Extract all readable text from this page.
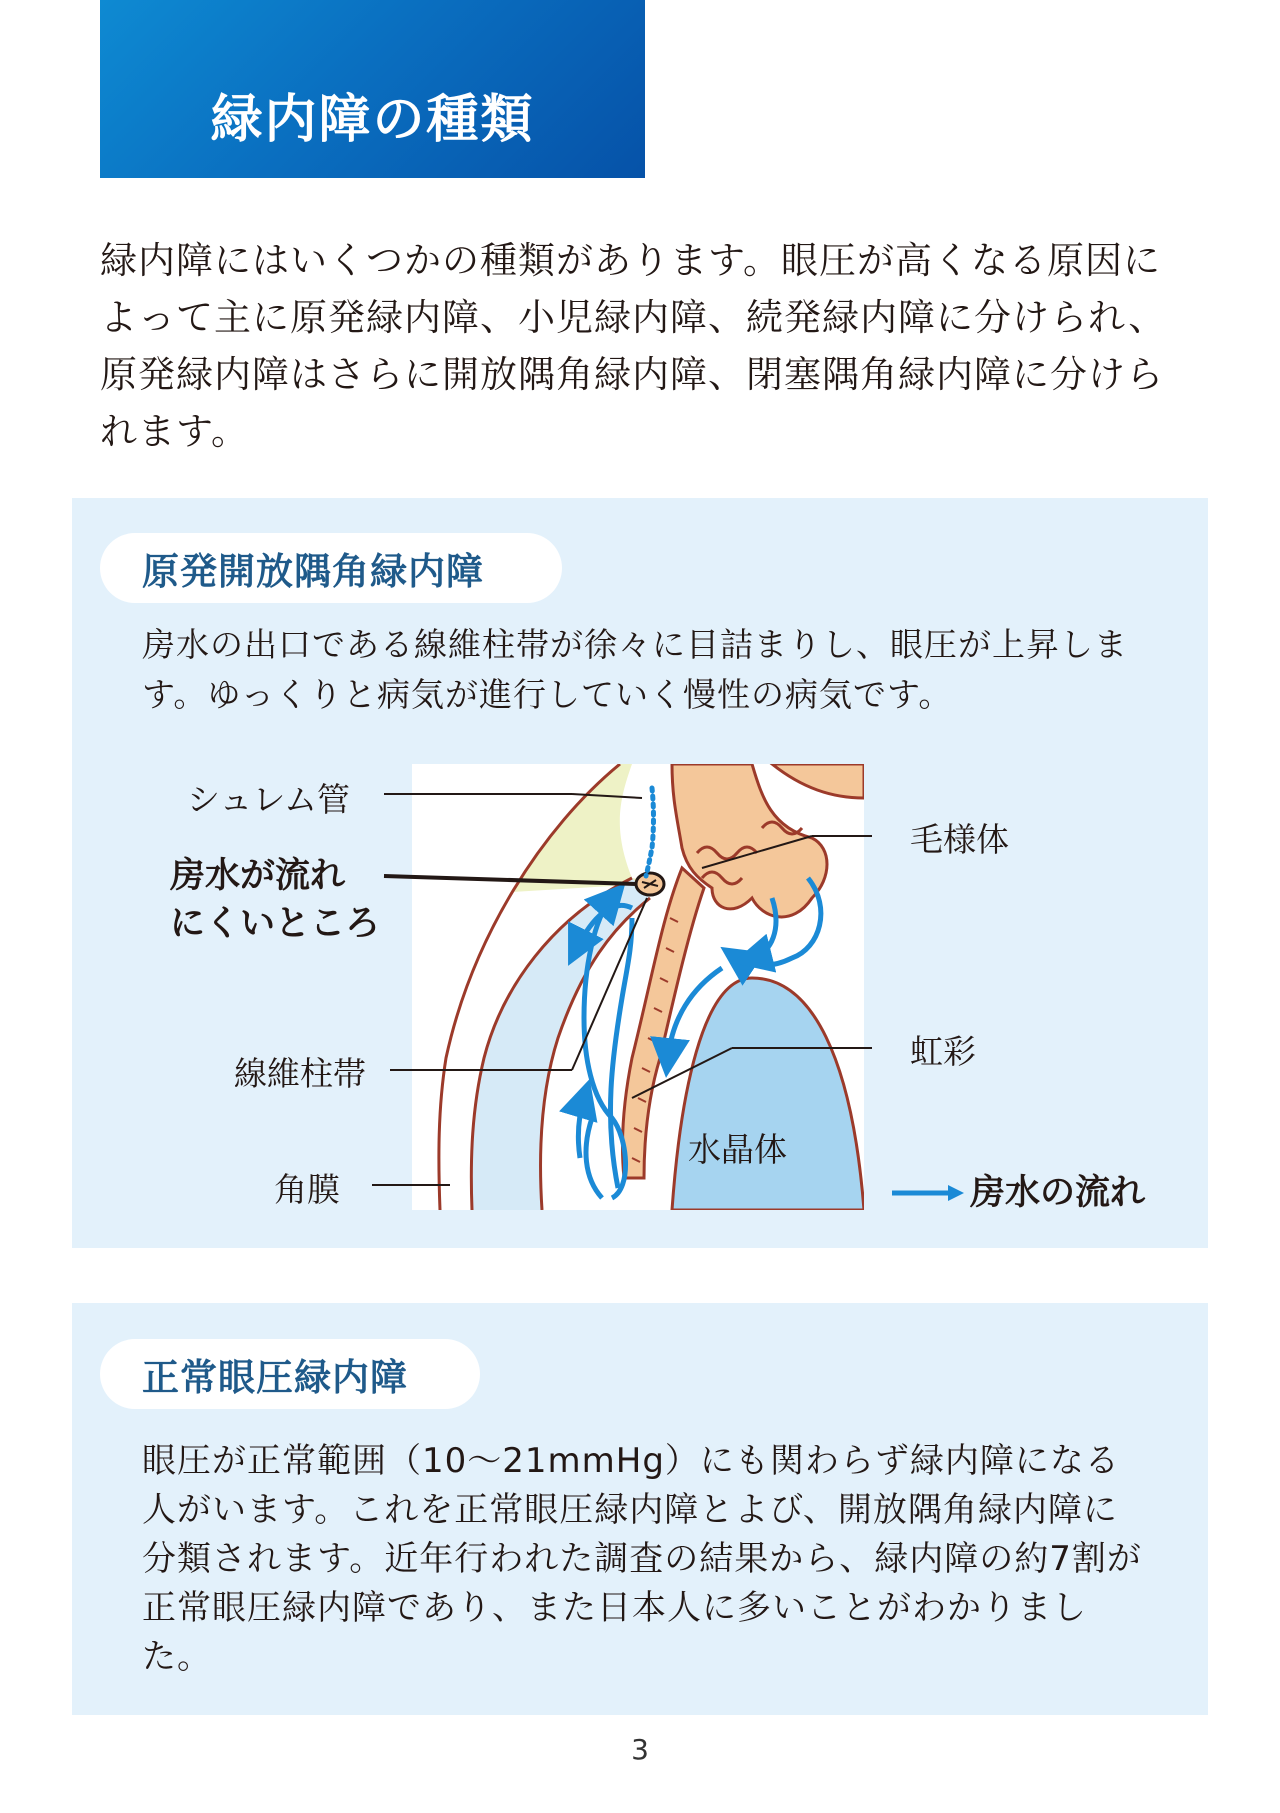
緑内障の種類

緑内障にはいくつかの種類があります。眼圧が高くなる原因によって主に原発緑内障、小児緑内障、続発緑内障に分けられ、原発緑内障はさらに開放隅角緑内障、閉塞隅角緑内障に分けられます。

原発開放隅角緑内障

房水の出口である線維柱帯が徐々に目詰まりし、眼圧が上昇します。ゆっくりと病気が進行していく慢性の病気です。

シュレム管
房水が流れ
にくいところ
線維柱帯
角膜
毛様体
虹彩
水晶体
房水の流れ
正常眼圧緑内障

眼圧が正常範囲（10〜21mmHg）にも関わらず緑内障になる人がいます。これを正常眼圧緑内障とよび、開放隅角緑内障に分類されます。近年行われた調査の結果から、緑内障の約7割が正常眼圧緑内障であり、また日本人に多いことがわかりました。

3
